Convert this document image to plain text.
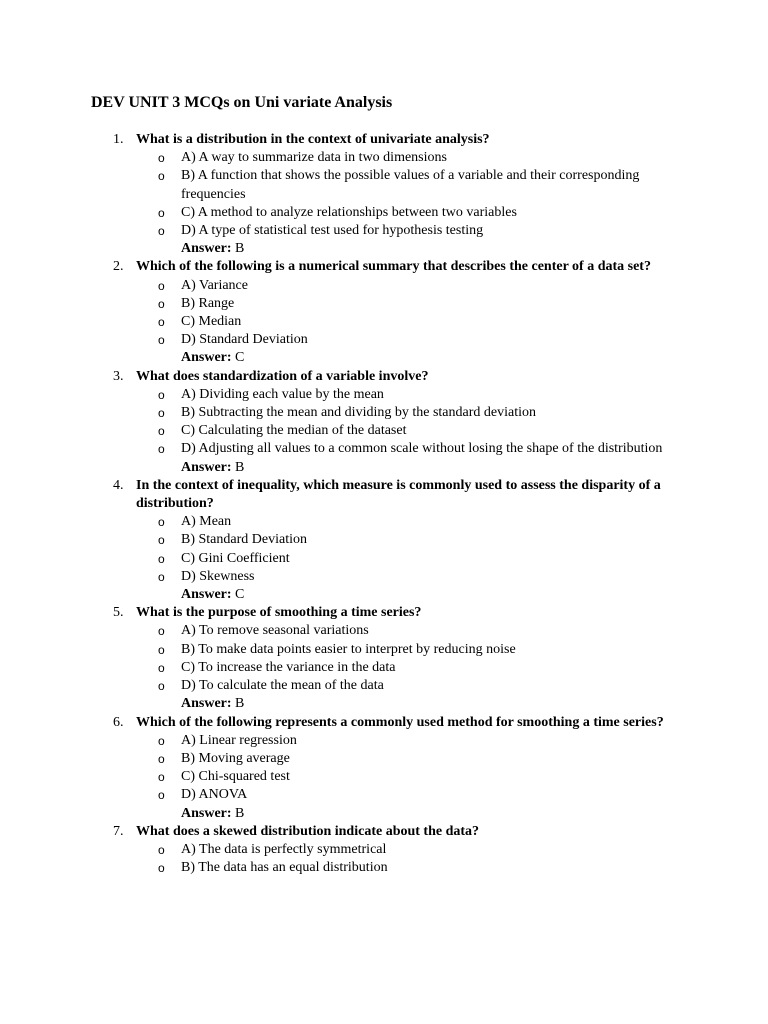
DEV UNIT 3 MCQs on Uni variate Analysis
1. What is a distribution in the context of univariate analysis?
o A) A way to summarize data in two dimensions
o B) A function that shows the possible values of a variable and their corresponding frequencies
o C) A method to analyze relationships between two variables
o D) A type of statistical test used for hypothesis testing
Answer: B
2. Which of the following is a numerical summary that describes the center of a data set?
o A) Variance
o B) Range
o C) Median
o D) Standard Deviation
Answer: C
3. What does standardization of a variable involve?
o A) Dividing each value by the mean
o B) Subtracting the mean and dividing by the standard deviation
o C) Calculating the median of the dataset
o D) Adjusting all values to a common scale without losing the shape of the distribution
Answer: B
4. In the context of inequality, which measure is commonly used to assess the disparity of a distribution?
o A) Mean
o B) Standard Deviation
o C) Gini Coefficient
o D) Skewness
Answer: C
5. What is the purpose of smoothing a time series?
o A) To remove seasonal variations
o B) To make data points easier to interpret by reducing noise
o C) To increase the variance in the data
o D) To calculate the mean of the data
Answer: B
6. Which of the following represents a commonly used method for smoothing a time series?
o A) Linear regression
o B) Moving average
o C) Chi-squared test
o D) ANOVA
Answer: B
7. What does a skewed distribution indicate about the data?
o A) The data is perfectly symmetrical
o B) The data has an equal distribution
